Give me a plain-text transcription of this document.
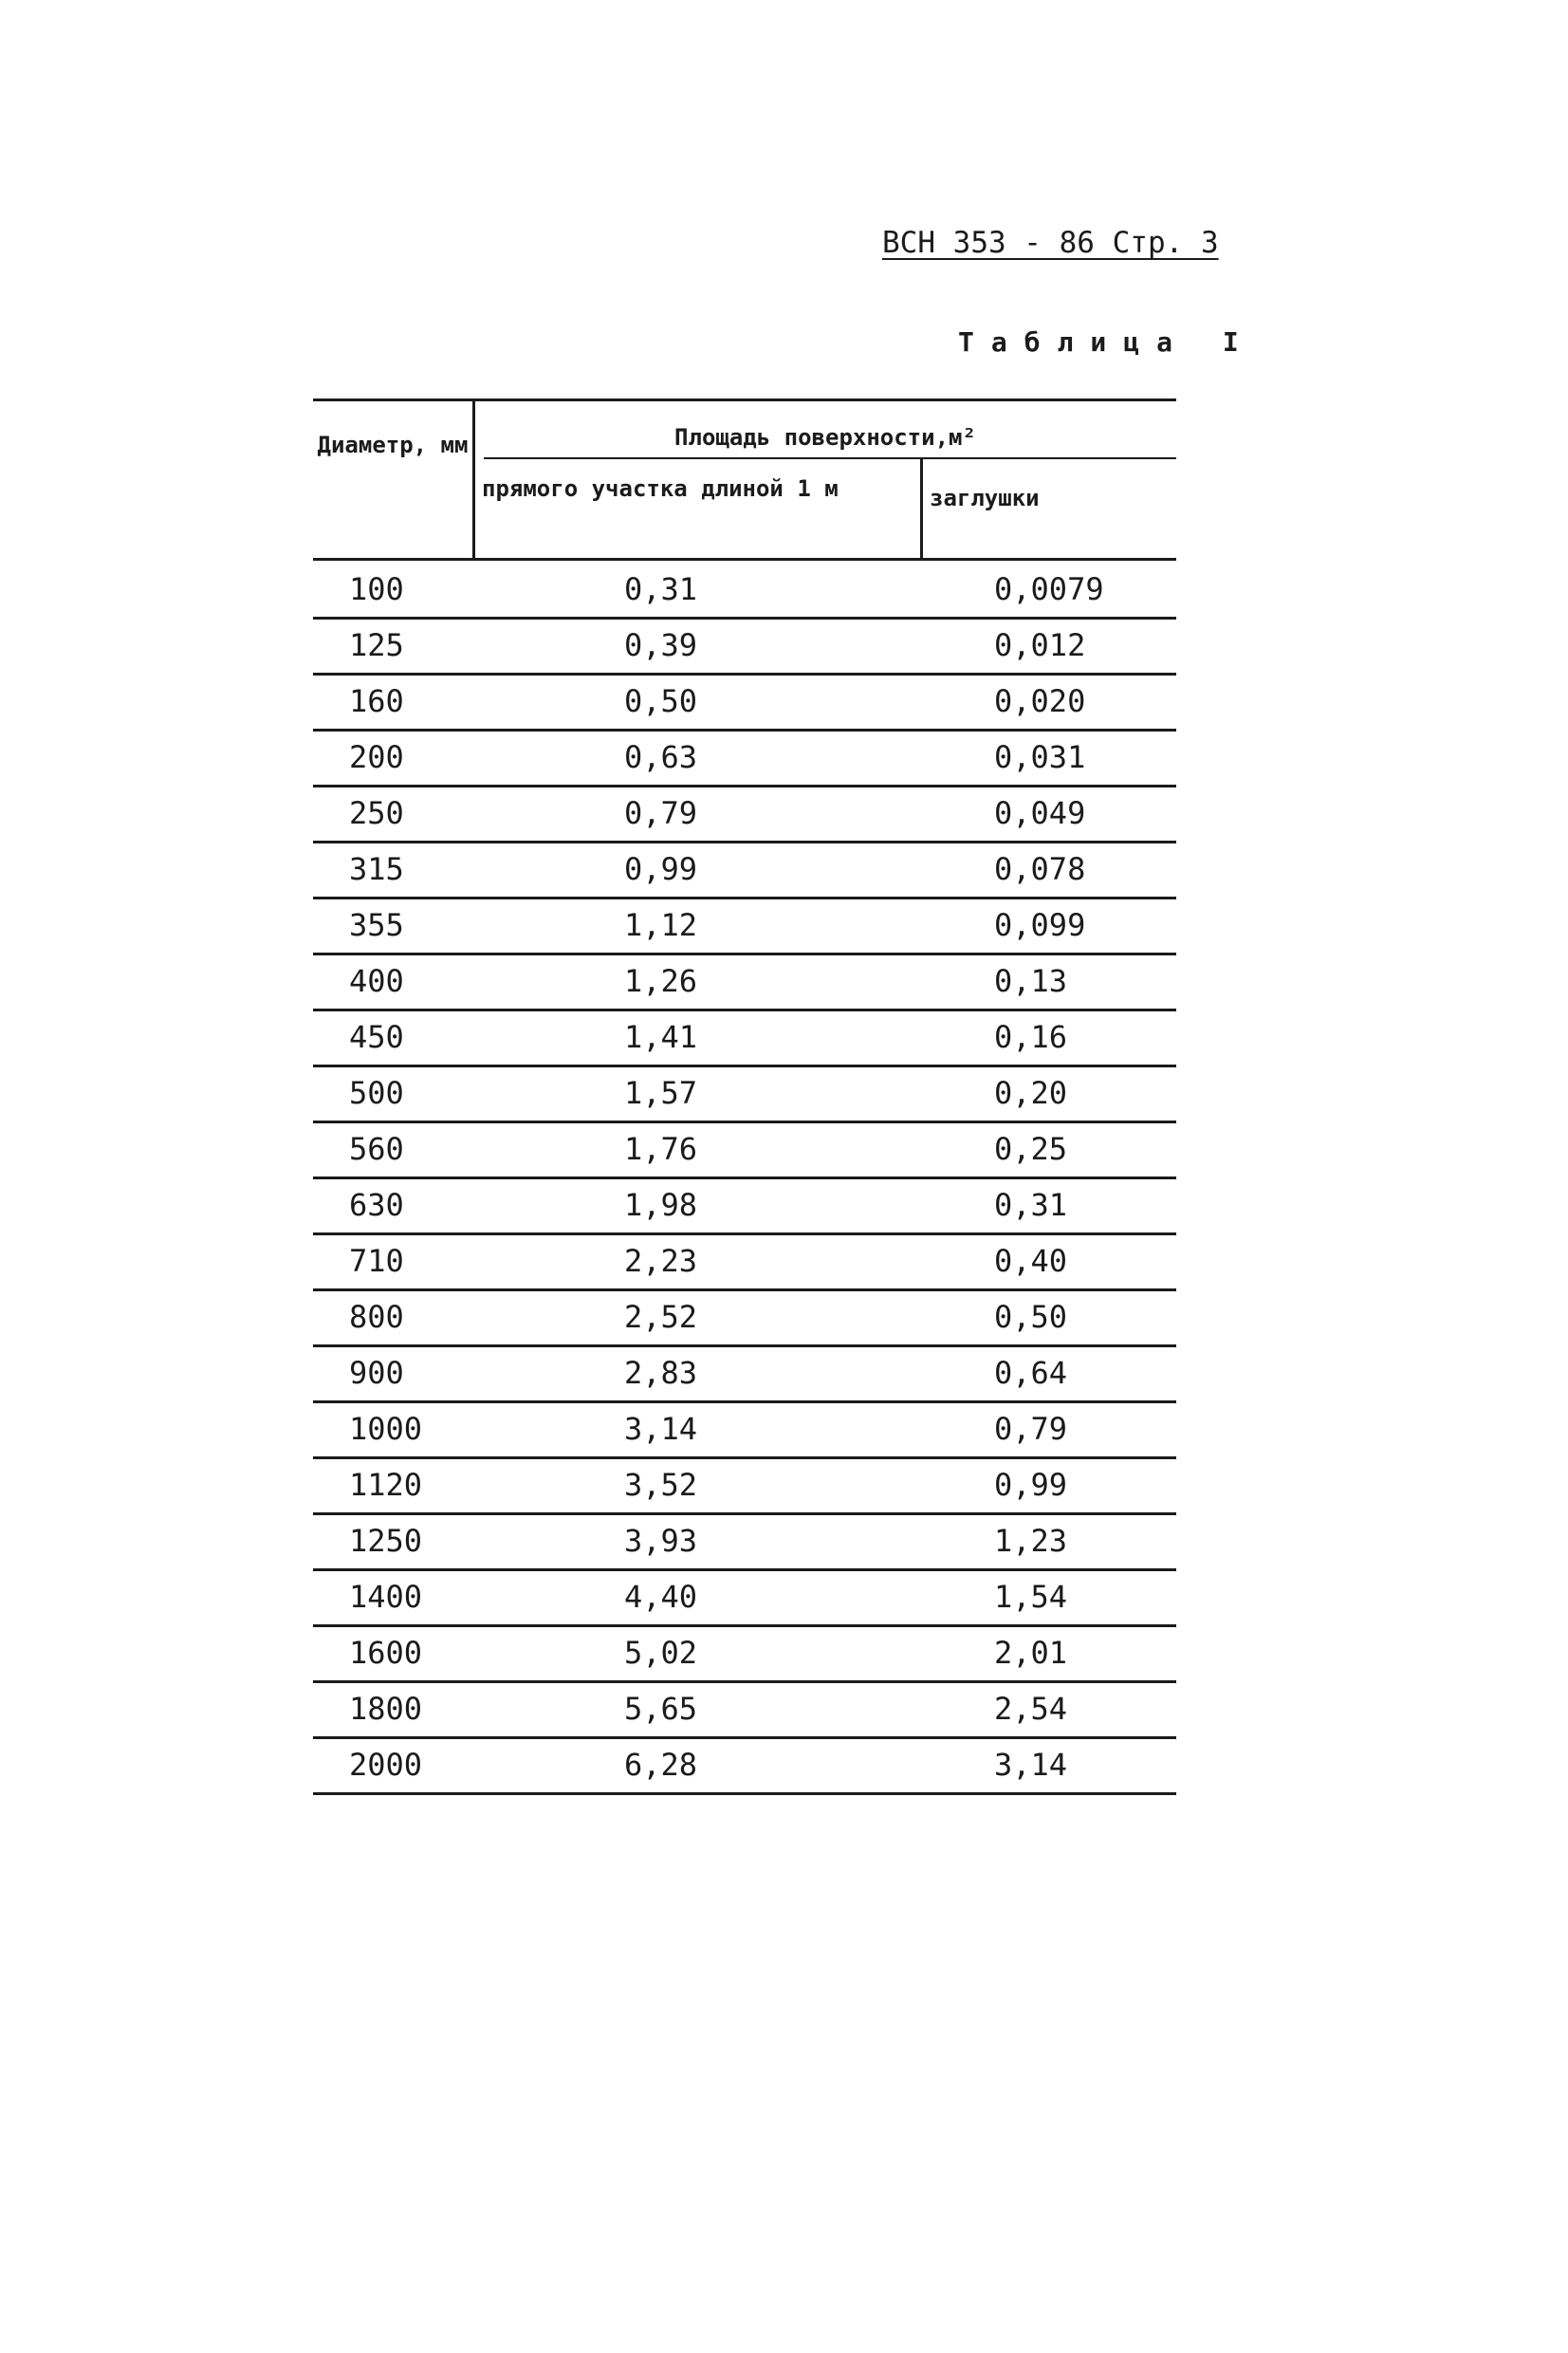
ВСН 353 - 86 Стр. 3
Таблица I
Диаметр, мм	Площадь поверхности,м²
прямого участка длиной 1 м	заглушки
100	0,31	0,0079
125	0,39	0,012
160	0,50	0,020
200	0,63	0,031
250	0,79	0,049
315	0,99	0,078
355	1,12	0,099
400	1,26	0,13
450	1,41	0,16
500	1,57	0,20
560	1,76	0,25
630	1,98	0,31
710	2,23	0,40
800	2,52	0,50
900	2,83	0,64
1000	3,14	0,79
1120	3,52	0,99
1250	3,93	1,23
1400	4,40	1,54
1600	5,02	2,01
1800	5,65	2,54
2000	6,28	3,14
